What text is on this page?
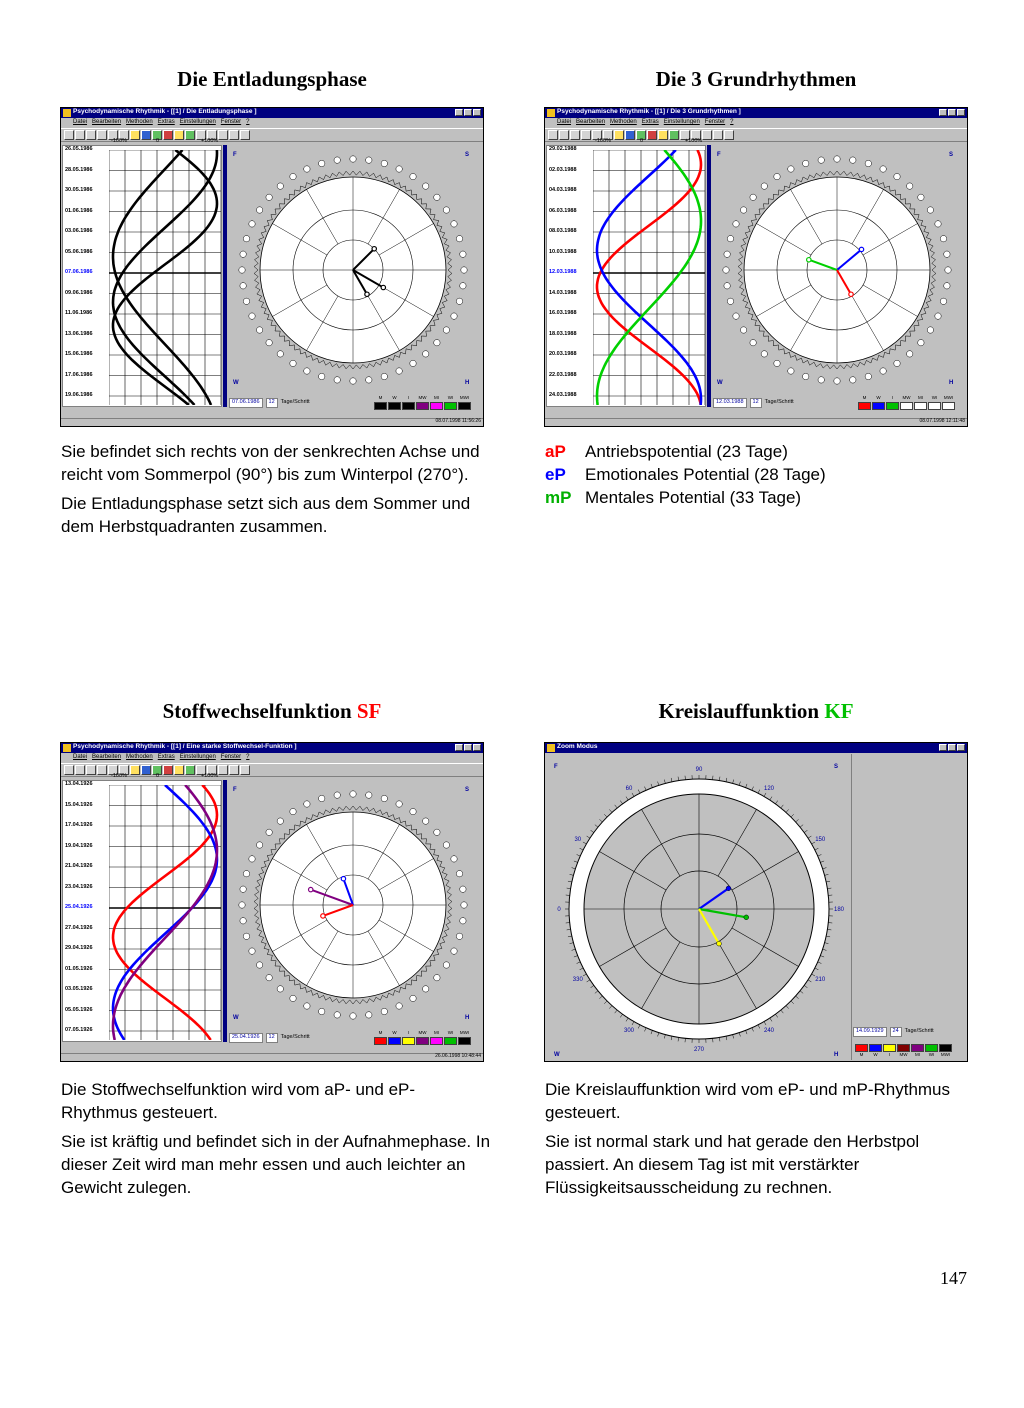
Die Entladungsphase	Die 3 Grundrhythmen
Stoffwechselfunktion SF	Kreislauffunktion KF
Psychodynamische Rhythmik - [[1] / Die Entladungsphase ]
Datei Bearbeiten Methoden Extras Einstellungen Fenster ?
-100%	0	+100%
26.05.1986
28.05.1986
30.05.1986
01.06.1986
03.06.1986
05.06.1986
07.06.1986
09.06.1986
11.06.1986
13.06.1986
15.06.1986
17.06.1986
19.06.1986
F	S
W	H
07.06.1986	12	Tage/Schritt
M	W	I	MW	MI	WI	MWI
08.07.1998 11:56:26
Psychodynamische Rhythmik - [[1] / Die 3 Grundrhythmen ]
Datei Bearbeiten Methoden Extras Einstellungen Fenster ?
-100%	0	+100%
29.02.1988
02.03.1988
04.03.1988
06.03.1988
08.03.1988
10.03.1988
12.03.1988
14.03.1988
16.03.1988
18.03.1988
20.03.1988
22.03.1988
24.03.1988
F	S
W	H
12.03.1988	12	Tage/Schritt
M	W	I	MW	MI	WI	MWI
08.07.1998 12:11:48
Psychodynamische Rhythmik - [[1] / Eine starke Stoffwechsel-Funktion ]
Datei Bearbeiten Methoden Extras Einstellungen Fenster ?
-100%	0	+100%
13.04.1926
15.04.1926
17.04.1926
19.04.1926
21.04.1926
23.04.1926
25.04.1926
27.04.1926
29.04.1926
01.05.1926
03.05.1926
05.05.1926
07.05.1926
F	S
W	H
25.04.1926	12	Tage/Schritt
M	W	I	MW	MI	WI	MWI
26.06.1998 10:48:44
Zoom Modus
0
30
60
90
120
150
180
210
240
270
300
330
F	S
W	H
14.09.1929	24	Tage/Schritt
M	W	I	MW	MI	WI	MWI

Sie befindet sich rechts von der senkrechten Achse und reicht vom Sommerpol (90°) bis zum Winterpol (270°).

Die Entladungsphase setzt sich aus dem Sommer und dem Herbstquadranten zusammen.

aP	Antriebspotential (23 Tage)
eP	Emotionales Potential (28 Tage)
mP Mentales Potential (33 Tage)

Die Stoffwechselfunktion wird vom aP- und eP-Rhythmus gesteuert.

Sie ist kräftig und befindet sich in der Aufnahmephase. In dieser Zeit wird man mehr essen und auch leichter an Gewicht zulegen.

Die Kreislauffunktion wird vom eP- und mP-Rhythmus gesteuert.

Sie ist normal stark und hat gerade den Herbstpol passiert. An diesem Tag ist mit verstärkter Flüssigkeitsausscheidung zu rechnen.

147
